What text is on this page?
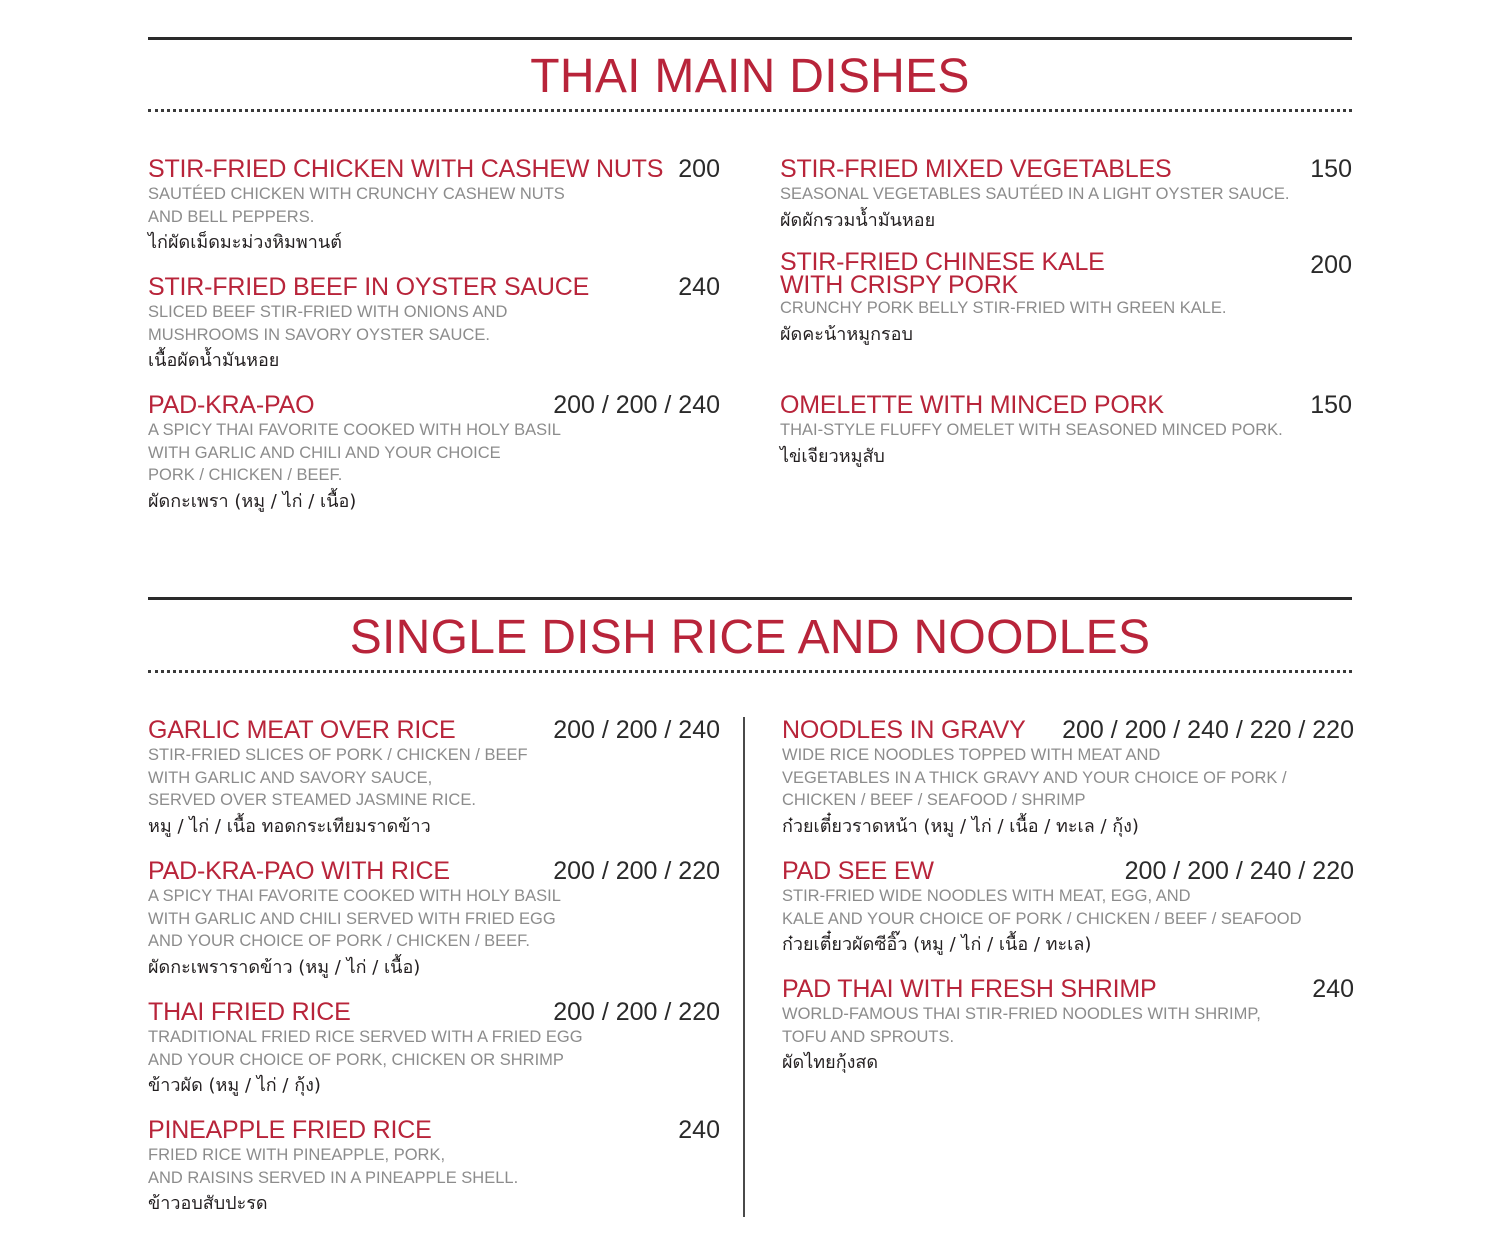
THAI MAIN DISHES
STIR-FRIED CHICKEN WITH CASHEW NUTS 200
SAUTÉED CHICKEN WITH CRUNCHY CASHEW NUTS
AND BELL PEPPERS.
ไก่ผัดเม็ดมะม่วงหิมพานต์
STIR-FRIED BEEF IN OYSTER SAUCE	240
SLICED BEEF STIR-FRIED WITH ONIONS AND
MUSHROOMS IN SAVORY OYSTER SAUCE.
เนื้อผัดน้ำมันหอย
PAD-KRA-PAO	200 / 200 / 240
A SPICY THAI FAVORITE COOKED WITH HOLY BASIL
WITH GARLIC AND CHILI AND YOUR CHOICE
PORK / CHICKEN / BEEF.
ผัดกะเพรา (หมู / ไก่ / เนื้อ)
STIR-FRIED MIXED VEGETABLES	150
SEASONAL VEGETABLES SAUTÉED IN A LIGHT OYSTER SAUCE.
ผัดผักรวมน้ำมันหอย
STIR-FRIED CHINESE KALE
WITH CRISPY PORK
200
CRUNCHY PORK BELLY STIR-FRIED WITH GREEN KALE.
ผัดคะน้าหมูกรอบ
OMELETTE WITH MINCED PORK	150
THAI-STYLE FLUFFY OMELET WITH SEASONED MINCED PORK.
ไข่เจียวหมูสับ
SINGLE DISH RICE AND NOODLES
GARLIC MEAT OVER RICE	200 / 200 / 240
STIR-FRIED SLICES OF PORK / CHICKEN / BEEF
WITH GARLIC AND SAVORY SAUCE,
SERVED OVER STEAMED JASMINE RICE.
หมู / ไก่ / เนื้อ ทอดกระเทียมราดข้าว
PAD-KRA-PAO WITH RICE	200 / 200 / 220
A SPICY THAI FAVORITE COOKED WITH HOLY BASIL
WITH GARLIC AND CHILI SERVED WITH FRIED EGG
AND YOUR CHOICE OF PORK / CHICKEN / BEEF.
ผัดกะเพราราดข้าว (หมู / ไก่ / เนื้อ)
THAI FRIED RICE	200 / 200 / 220
TRADITIONAL FRIED RICE SERVED WITH A FRIED EGG
AND YOUR CHOICE OF PORK, CHICKEN OR SHRIMP
ข้าวผัด (หมู / ไก่ / กุ้ง)
PINEAPPLE FRIED RICE	240
FRIED RICE WITH PINEAPPLE, PORK,
AND RAISINS SERVED IN A PINEAPPLE SHELL.
ข้าวอบสับปะรด
NOODLES IN GRAVY 200 / 200 / 240 / 220 / 220
WIDE RICE NOODLES TOPPED WITH MEAT AND
VEGETABLES IN A THICK GRAVY AND YOUR CHOICE OF PORK /
CHICKEN / BEEF / SEAFOOD / SHRIMP
ก๋วยเตี๋ยวราดหน้า (หมู / ไก่ / เนื้อ / ทะเล / กุ้ง)
PAD SEE EW	200 / 200 / 240 / 220
STIR-FRIED WIDE NOODLES WITH MEAT, EGG, AND
KALE AND YOUR CHOICE OF PORK / CHICKEN / BEEF / SEAFOOD
ก๋วยเตี๋ยวผัดซีอิ๊ว (หมู / ไก่ / เนื้อ / ทะเล)
PAD THAI WITH FRESH SHRIMP	240
WORLD-FAMOUS THAI STIR-FRIED NOODLES WITH SHRIMP,
TOFU AND SPROUTS.
ผัดไทยกุ้งสด
